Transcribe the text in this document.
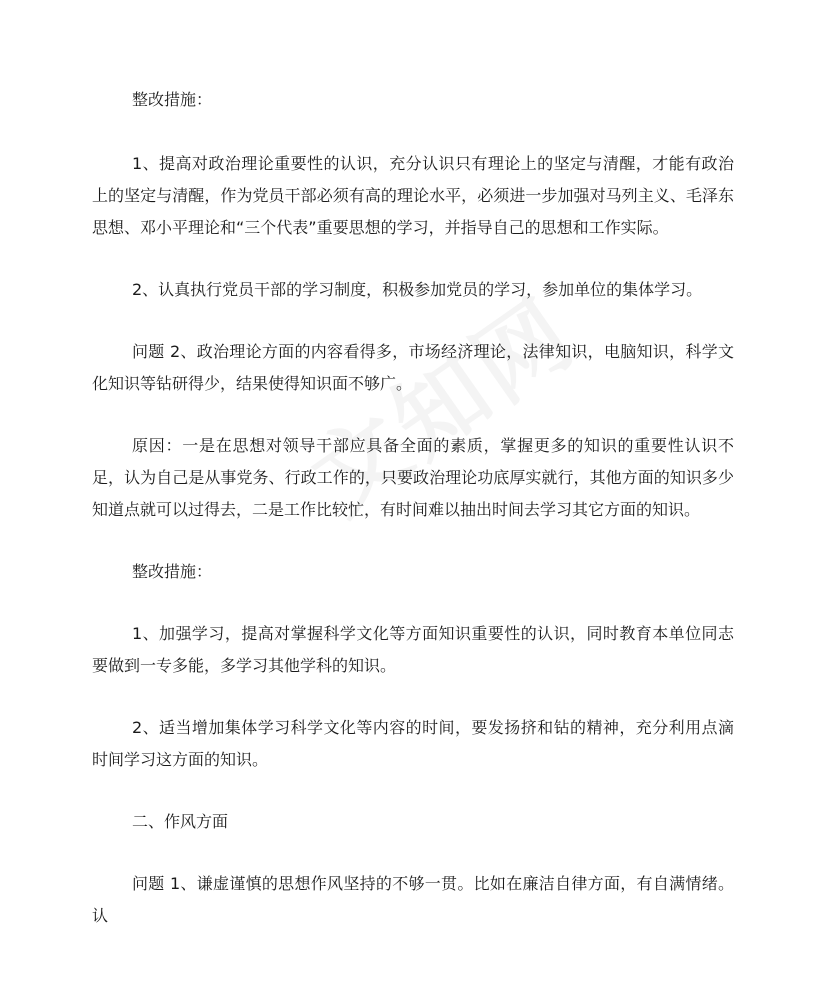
整改措施：

1、提高对政治理论重要性的认识，充分认识只有理论上的坚定与清醒，才能有政治上的坚定与清醒，作为党员干部必须有高的理论水平，必须进一步加强对马列主义、毛泽东思想、邓小平理论和“三个代表”重要思想的学习，并指导自己的思想和工作实际。

2、认真执行党员干部的学习制度，积极参加党员的学习，参加单位的集体学习。

问题 2、政治理论方面的内容看得多，市场经济理论，法律知识，电脑知识，科学文化知识等钻研得少，结果使得知识面不够广。

原因：一是在思想对领导干部应具备全面的素质，掌握更多的知识的重要性认识不足，认为自己是从事党务、行政工作的，只要政治理论功底厚实就行，其他方面的知识多少知道点就可以过得去，二是工作比较忙，有时间难以抽出时间去学习其它方面的知识。

整改措施：

1、加强学习，提高对掌握科学文化等方面知识重要性的认识，同时教育本单位同志要做到一专多能，多学习其他学科的知识。

2、适当增加集体学习科学文化等内容的时间，要发扬挤和钻的精神，充分利用点滴时间学习这方面的知识。

二、作风方面

问题 1、谦虚谨慎的思想作风坚持的不够一贯。比如在廉洁自律方面，有自满情绪。认
